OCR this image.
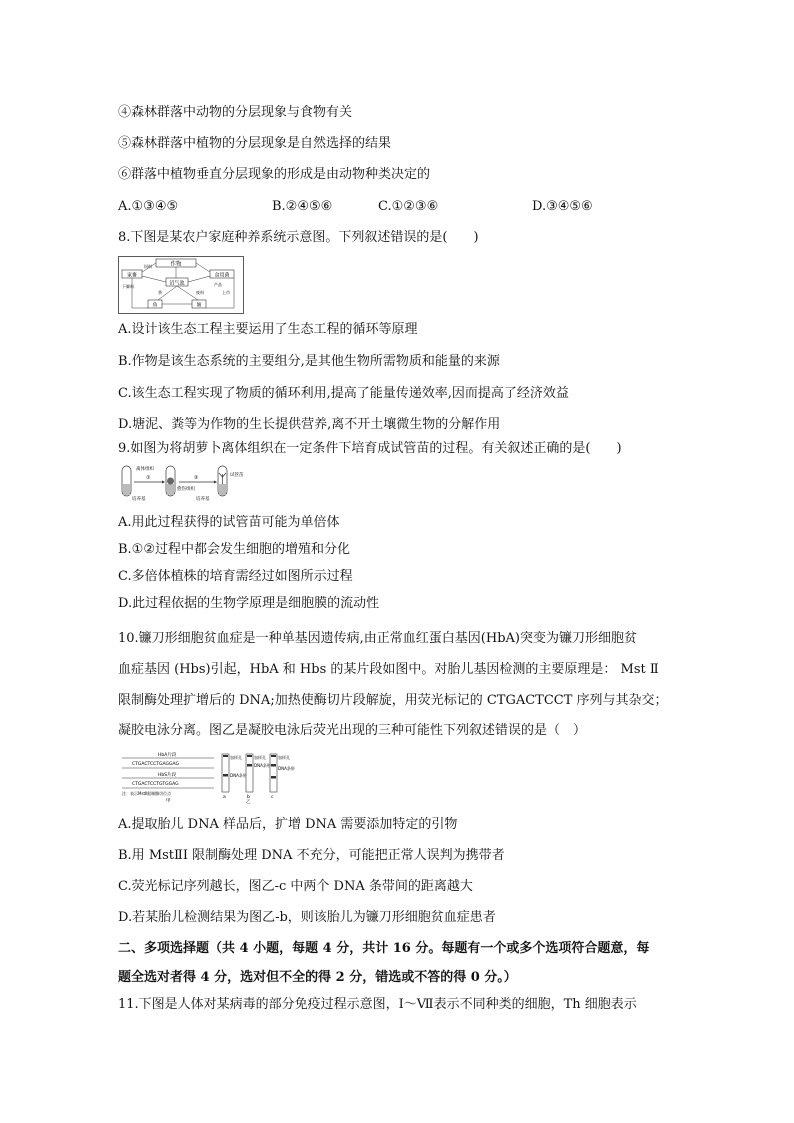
④森林群落中动物的分层现象与食物有关
⑤森林群落中植物的分层现象是自然选择的结果
⑥群落中植物垂直分层现象的形成是由动物种类决定的
A.①③④⑤	B.②④⑤⑥	C.①②③⑥	D.③④⑤⑥
8.下图是某农户家庭种养系统示意图。下列叙述错误的是(　　)
作物
家畜
沼气池
食用菌
鱼	塘
饲料
粪	废料
产品
下脚料
上市
A.设计该生态工程主要运用了生态工程的循环等原理
B.作物是该生态系统的主要组分,是其他生物所需物质和能量的来源
C.该生态工程实现了物质的循环利用,提高了能量传递效率,因而提高了经济效益
D.塘泥、粪等为作物的生长提供营养,离不开土壤微生物的分解作用
9.如图为将胡萝卜离体组织在一定条件下培育成试管苗的过程。有关叙述正确的是(　　)
离体组织
培养基
愈伤组织
培养基
试管苗
①	②
A.用此过程获得的试管苗可能为单倍体
B.①②过程中都会发生细胞的增殖和分化
C.多倍体植株的培育需经过如图所示过程
D.此过程依据的生物学原理是细胞膜的流动性
10.镰刀形细胞贫血症是一种单基因遗传病,由正常血红蛋白基因(HbA)突变为镰刀形细胞贫
血症基因 (Hbs)引起，HbA 和 Hbs 的某片段如图中。对胎儿基因检测的主要原理是： Mst Ⅱ
限制酶处理扩增后的 DNA;加热使酶切片段解旋，用荧光标记的 CTGACTCCT 序列与其杂交；
凝胶电泳分离。图乙是凝胶电泳后荧光出现的三种可能性下列叙述错误的是（　）
HbA片段
CTGACTCCTGAGGAG
HbS片段
CTGACTCCTGTGGAG
注：表示MstⅡ限制酶切位点
甲
加样孔
DNA条带
a
加样孔
DNA条带
b
加样孔
DNA条带
c
乙
A.提取胎儿 DNA 样品后，扩增 DNA 需要添加特定的引物
B.用 MstⅡI 限制酶处理 DNA 不充分，可能把正常人误判为携带者
C.荧光标记序列越长，图乙-c 中两个 DNA 条带间的距离越大
D.若某胎儿检测结果为图乙-b，则该胎儿为镰刀形细胞贫血症患者
二、多项选择题（共 4 小题，每题 4 分，共计 16 分。每题有一个或多个选项符合题意，每
题全选对者得 4 分，选对但不全的得 2 分，错选或不答的得 0 分。）
11.下图是人体对某病毒的部分免疫过程示意图，Ⅰ～Ⅶ表示不同种类的细胞，Th 细胞表示
